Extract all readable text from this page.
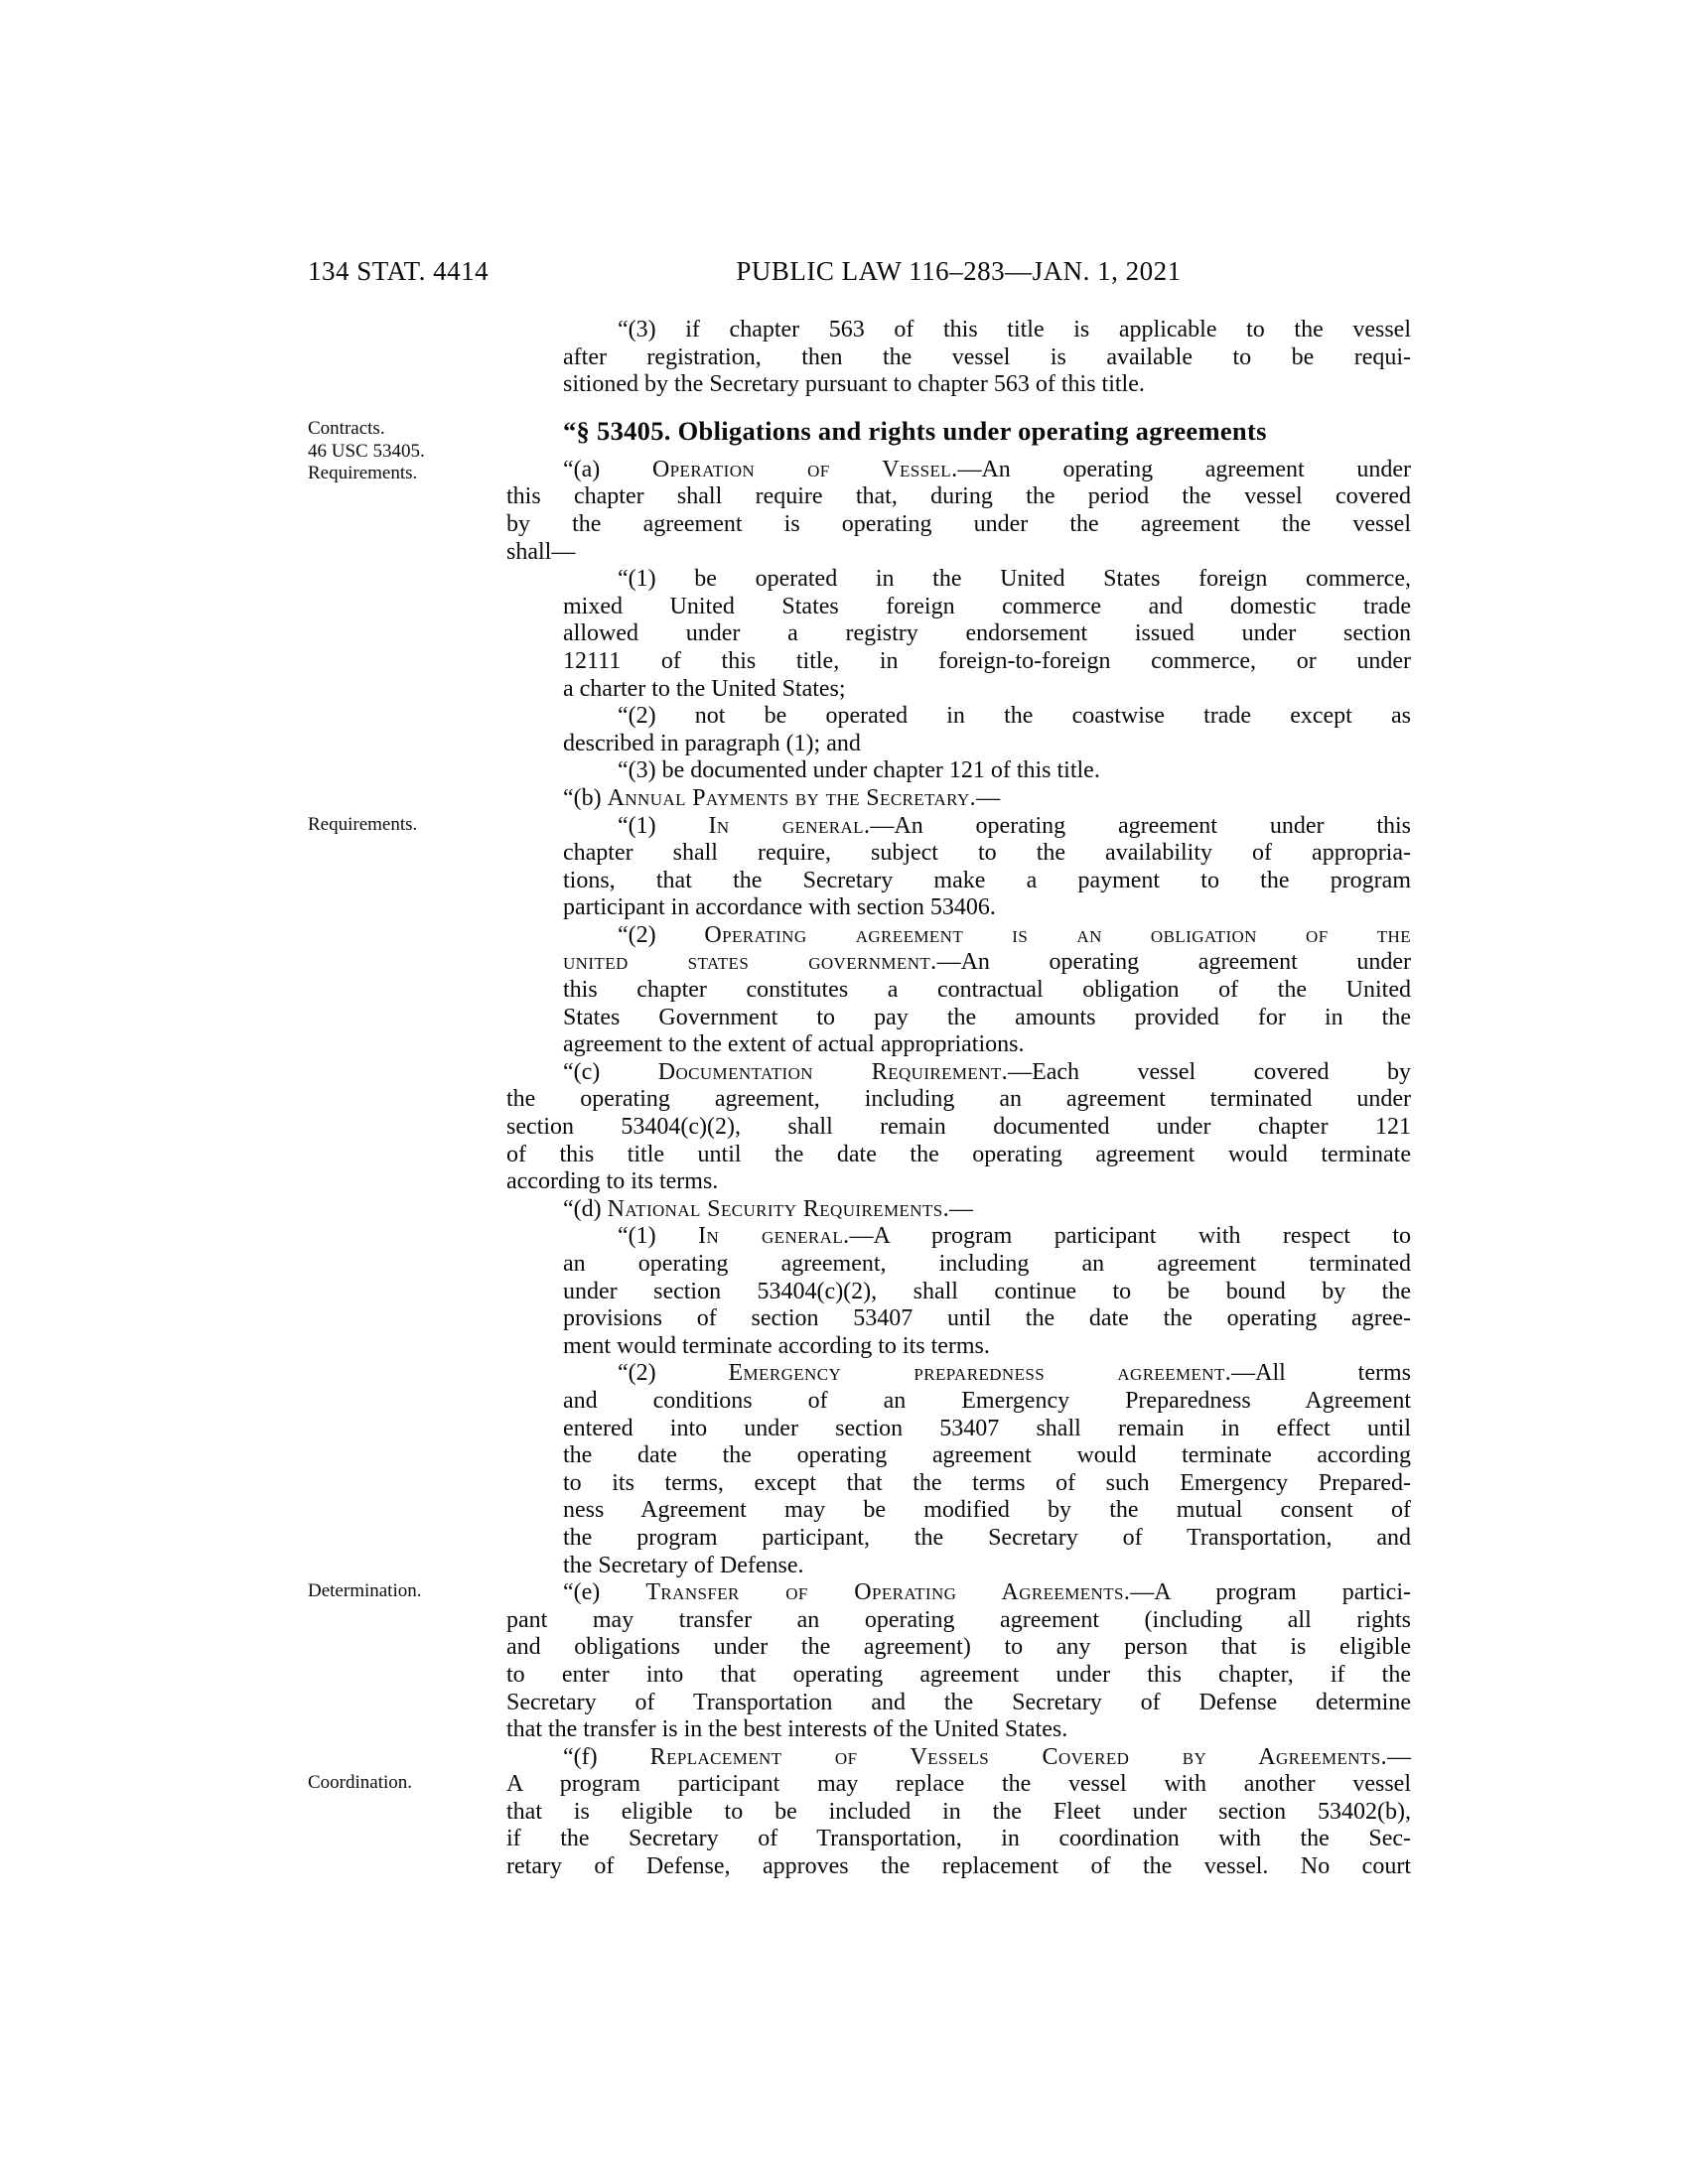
134 STAT. 4414	PUBLIC LAW 116–283—JAN. 1, 2021
Contracts.
46 USC 53405.
Requirements.
Requirements.
Determination.
Coordination.
“(3) if chapter 563 of this title is applicable to the vessel
after registration, then the vessel is available to be requi-
sitioned by the Secretary pursuant to chapter 563 of this title.
“§ 53405. Obligations and rights under operating agreements
“(a) Operation of Vessel.—An operating agreement under
this chapter shall require that, during the period the vessel covered
by the agreement is operating under the agreement the vessel
shall—
“(1) be operated in the United States foreign commerce,
mixed United States foreign commerce and domestic trade
allowed under a registry endorsement issued under section
12111 of this title, in foreign-to-foreign commerce, or under
a charter to the United States;
“(2) not be operated in the coastwise trade except as
described in paragraph (1); and
“(3) be documented under chapter 121 of this title.
“(b) Annual Payments by the Secretary.—
“(1) In general.—An operating agreement under this
chapter shall require, subject to the availability of appropria-
tions, that the Secretary make a payment to the program
participant in accordance with section 53406.
“(2) Operating agreement is an obligation of the
united states government.—An operating agreement under
this chapter constitutes a contractual obligation of the United
States Government to pay the amounts provided for in the
agreement to the extent of actual appropriations.
“(c) Documentation Requirement.—Each vessel covered by
the operating agreement, including an agreement terminated under
section 53404(c)(2), shall remain documented under chapter 121
of this title until the date the operating agreement would terminate
according to its terms.
“(d) National Security Requirements.—
“(1) In general.—A program participant with respect to
an operating agreement, including an agreement terminated
under section 53404(c)(2), shall continue to be bound by the
provisions of section 53407 until the date the operating agree-
ment would terminate according to its terms.
“(2) Emergency preparedness agreement.—All terms
and conditions of an Emergency Preparedness Agreement
entered into under section 53407 shall remain in effect until
the date the operating agreement would terminate according
to its terms, except that the terms of such Emergency Prepared-
ness Agreement may be modified by the mutual consent of
the program participant, the Secretary of Transportation, and
the Secretary of Defense.
“(e) Transfer of Operating Agreements.—A program partici-
pant may transfer an operating agreement (including all rights
and obligations under the agreement) to any person that is eligible
to enter into that operating agreement under this chapter, if the
Secretary of Transportation and the Secretary of Defense determine
that the transfer is in the best interests of the United States.
“(f) Replacement of Vessels Covered by Agreements.—
A program participant may replace the vessel with another vessel
that is eligible to be included in the Fleet under section 53402(b),
if the Secretary of Transportation, in coordination with the Sec-
retary of Defense, approves the replacement of the vessel. No court
